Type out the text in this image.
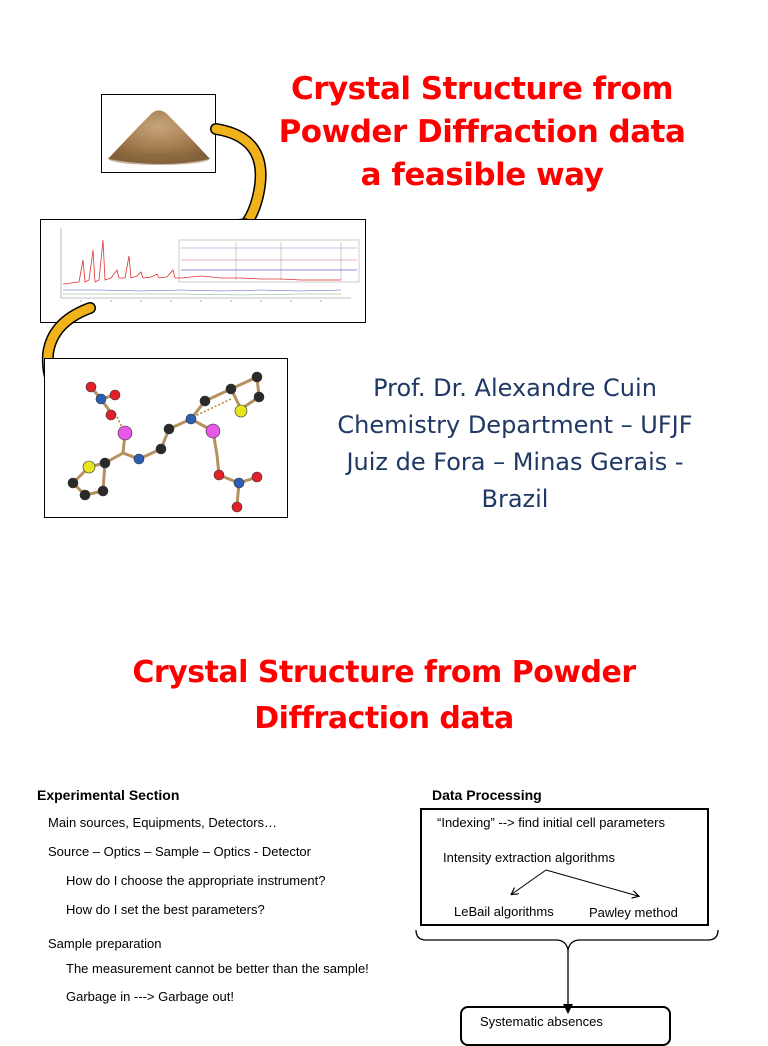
Crystal Structure from
Powder Diffraction data
a feasible way
Prof. Dr. Alexandre Cuin
Chemistry Department – UFJF
Juiz de Fora – Minas Gerais -
Brazil
Crystal Structure from Powder
Diffraction data
Experimental Section
Main sources, Equipments, Detectors…
Source – Optics – Sample – Optics - Detector
How do I choose the appropriate instrument?
How do I set the best parameters?
Sample preparation
The measurement cannot be better than the sample!
Garbage in ---> Garbage out!
Data Processing
“Indexing” --> find initial cell parameters
Intensity extraction algorithms
LeBail algorithms	Pawley method
Systematic absences
